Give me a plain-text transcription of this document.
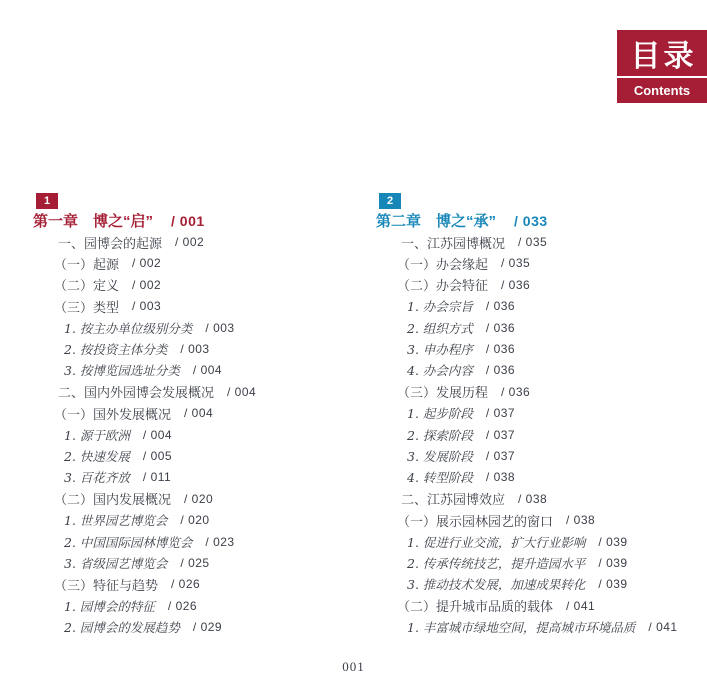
目录
Contents
1
第一章　博之“启” / 001
一、园博会的起源 / 002
（一）起源 / 002
（二）定义 / 002
（三）类型 / 003
1. 按主办单位级别分类 / 003
2. 按投资主体分类 / 003
3. 按博览园选址分类 / 004
二、国内外园博会发展概况 / 004
（一）国外发展概况 / 004
1. 源于欧洲 / 004
2. 快速发展 / 005
3. 百花齐放 / 011
（二）国内发展概况 / 020
1. 世界园艺博览会 / 020
2. 中国国际园林博览会 / 023
3. 省级园艺博览会 / 025
（三）特征与趋势 / 026
1. 园博会的特征 / 026
2. 园博会的发展趋势 / 029
2
第二章　博之“承” / 033
一、江苏园博概况 / 035
（一）办会缘起 / 035
（二）办会特征 / 036
1. 办会宗旨 / 036
2. 组织方式 / 036
3. 申办程序 / 036
4. 办会内容 / 036
（三）发展历程 / 036
1. 起步阶段 / 037
2. 探索阶段 / 037
3. 发展阶段 / 037
4. 转型阶段 / 038
二、江苏园博效应 / 038
（一）展示园林园艺的窗口 / 038
1. 促进行业交流，扩大行业影响 / 039
2. 传承传统技艺，提升造园水平 / 039
3. 推动技术发展，加速成果转化 / 039
（二）提升城市品质的载体 / 041
1. 丰富城市绿地空间，提高城市环境品质 / 041
001
